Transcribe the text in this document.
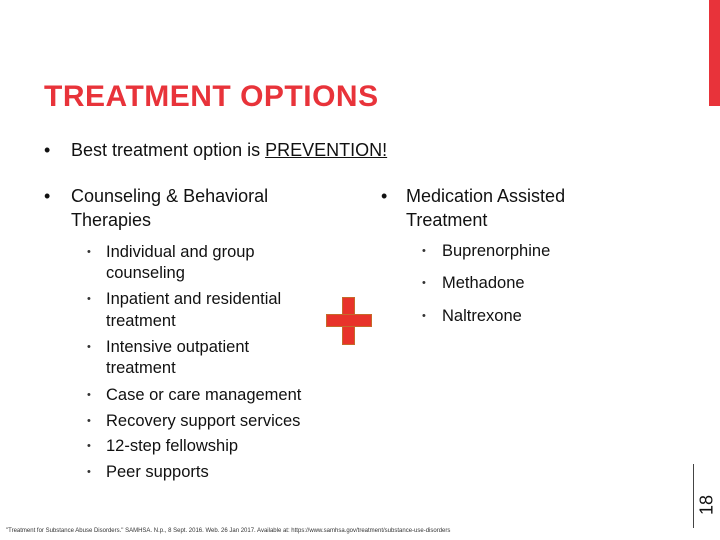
TREATMENT OPTIONS
• Best treatment option is PREVENTION!
• Counseling & Behavioral
Therapies
• Individual and group
counseling
• Inpatient and residential
treatment
• Intensive outpatient
treatment
• Case or care management
• Recovery support services
• 12-step fellowship
• Peer supports
• Medication Assisted
Treatment
• Buprenorphine
• Methadone
• Naltrexone
18
"Treatment for Substance Abuse Disorders." SAMHSA. N.p., 8 Sept. 2016. Web. 26 Jan 2017. Available at: https://www.samhsa.gov/treatment/substance-use-disorders
